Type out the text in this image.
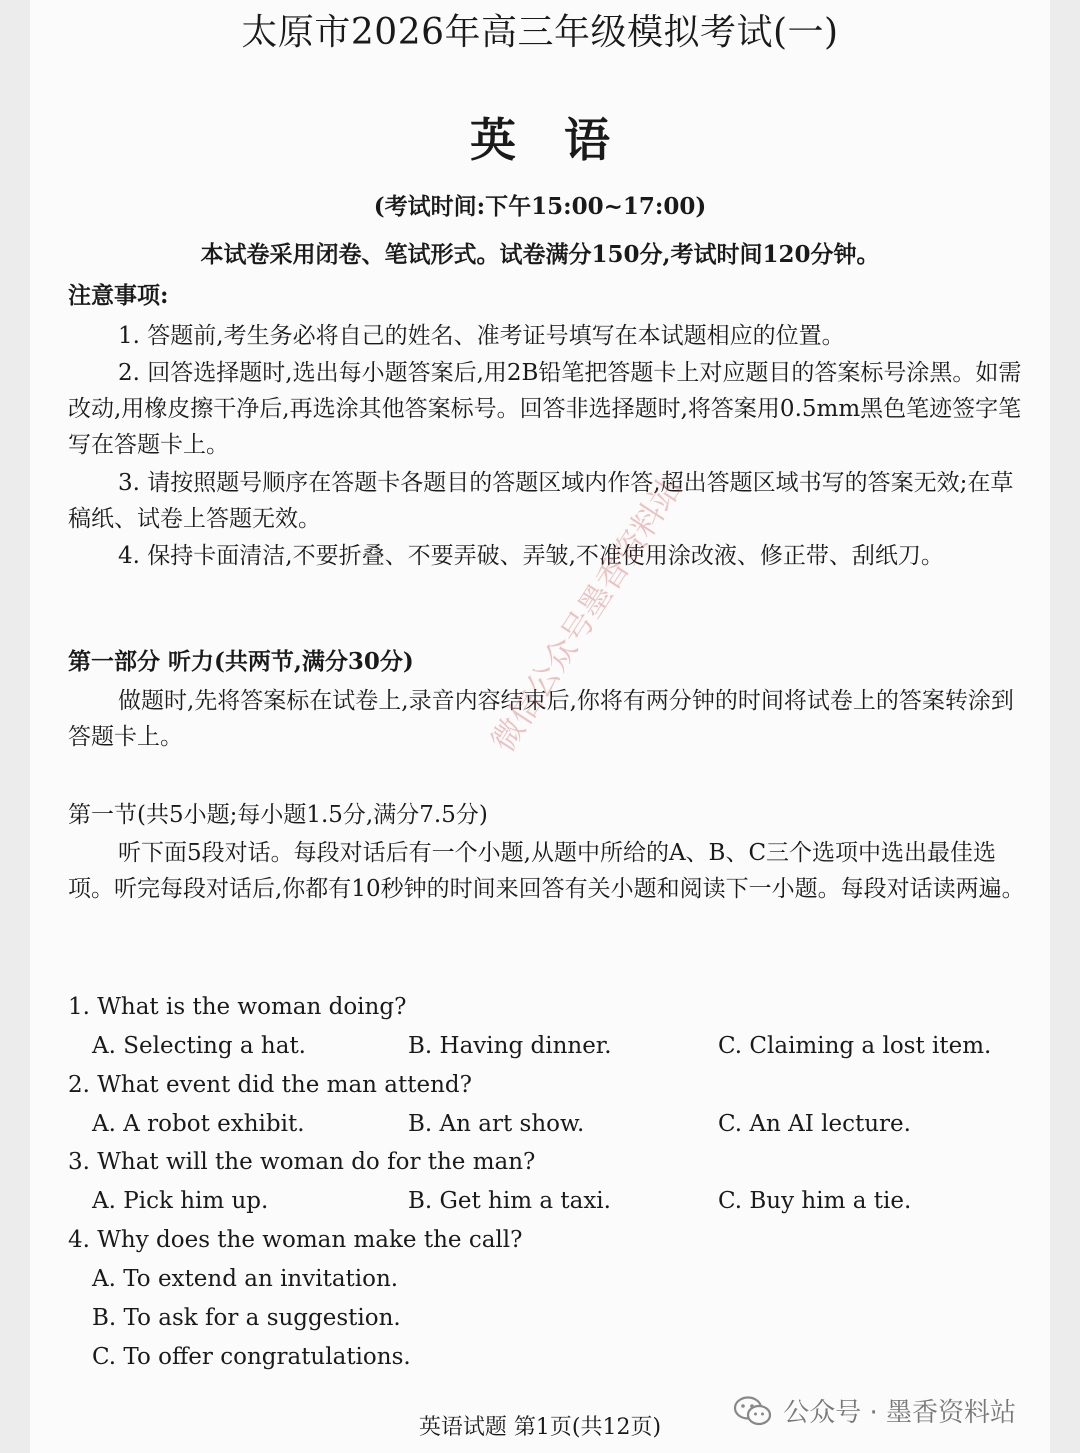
太原市2026年高三年级模拟考试(一)
英语
(考试时间:下午15:00~17:00)
本试卷采用闭卷、笔试形式。试卷满分150分,考试时间120分钟。
注意事项:
1. 答题前,考生务必将自己的姓名、准考证号填写在本试题相应的位置。
2. 回答选择题时,选出每小题答案后,用2B铅笔把答题卡上对应题目的答案标号涂黑。如需改动,用橡皮擦干净后,再选涂其他答案标号。回答非选择题时,将答案用0.5mm黑色笔迹签字笔写在答题卡上。
3. 请按照题号顺序在答题卡各题目的答题区域内作答,超出答题区域书写的答案无效;在草稿纸、试卷上答题无效。
4. 保持卡面清洁,不要折叠、不要弄破、弄皱,不准使用涂改液、修正带、刮纸刀。
第一部分 听力(共两节,满分30分)
做题时,先将答案标在试卷上,录音内容结束后,你将有两分钟的时间将试卷上的答案转涂到答题卡上。
第一节(共5小题;每小题1.5分,满分7.5分)
听下面5段对话。每段对话后有一个小题,从题中所给的A、B、C三个选项中选出最佳选项。听完每段对话后,你都有10秒钟的时间来回答有关小题和阅读下一小题。每段对话读两遍。
1. What is the woman doing?
A. Selecting a hat.	B. Having dinner.	C. Claiming a lost item.
2. What event did the man attend?
A. A robot exhibit.	B. An art show.	C. An AI lecture.
3. What will the woman do for the man?
A. Pick him up.	B. Get him a taxi.	C. Buy him a tie.
4. Why does the woman make the call?
A. To extend an invitation.
B. To ask for a suggestion.
C. To offer congratulations.
英语试题 第1页(共12页)
微信公众号墨香资料站
公众号 · 墨香资料站
